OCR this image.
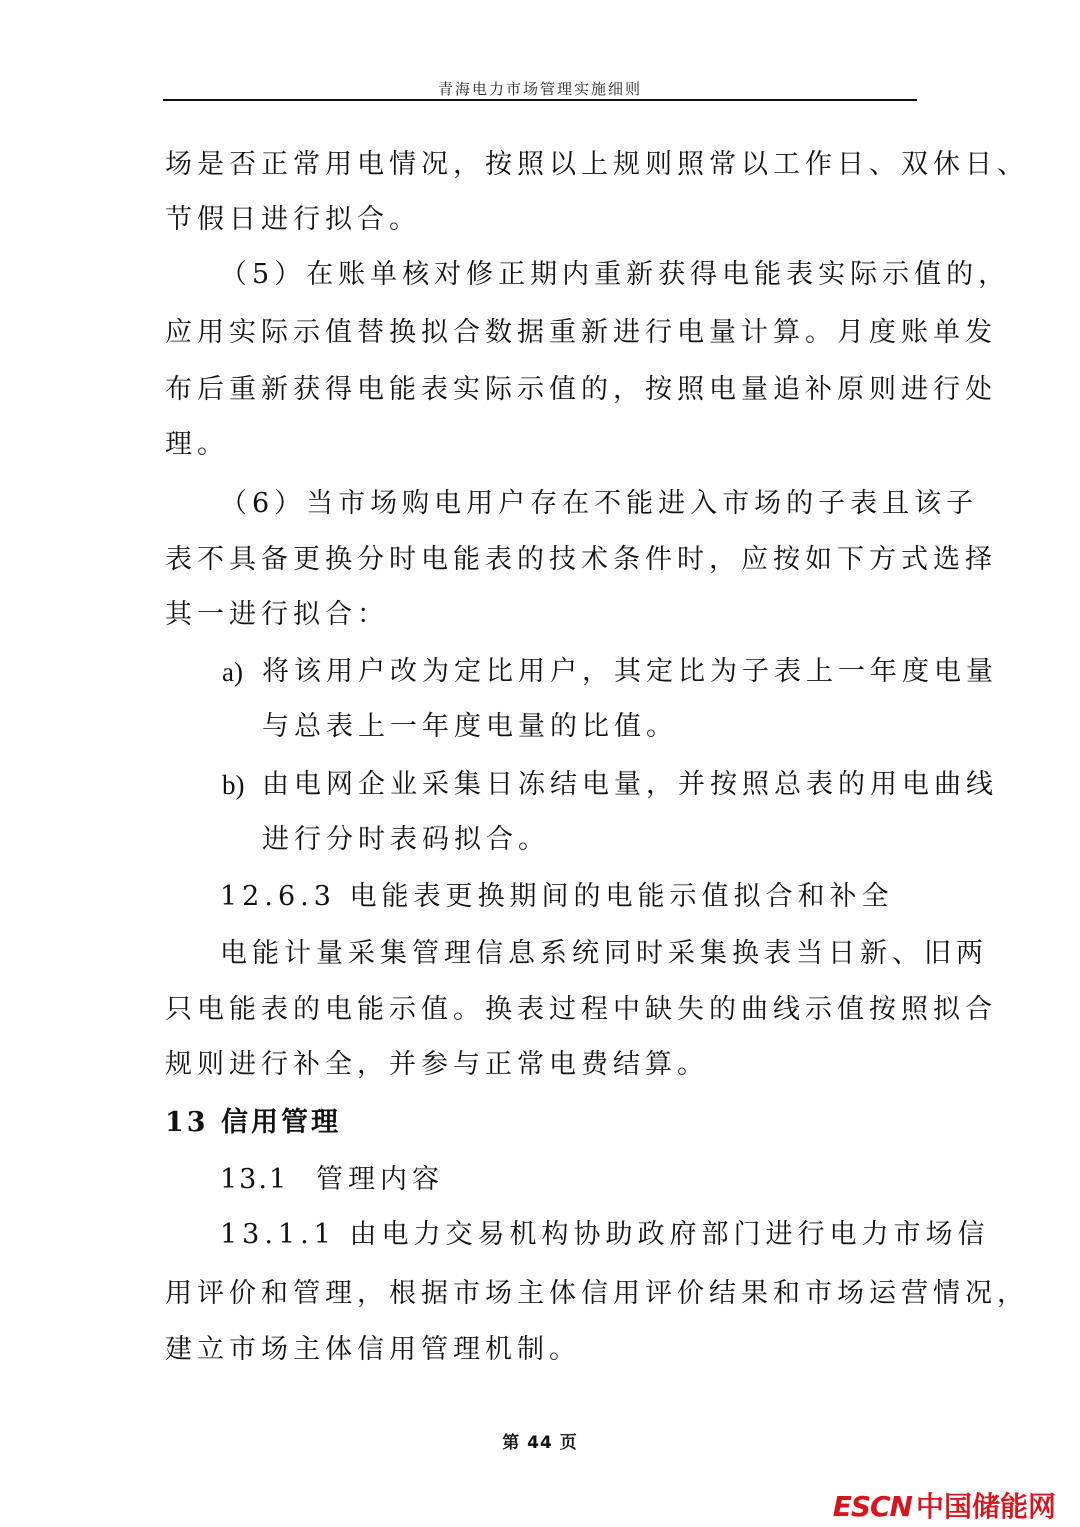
青海电力市场管理实施细则
场是否正常用电情况，按照以上规则照常以工作日、双休日、
节假日进行拟合。
（5）在账单核对修正期内重新获得电能表实际示值的，
应用实际示值替换拟合数据重新进行电量计算。月度账单发
布后重新获得电能表实际示值的，按照电量追补原则进行处
理。
（6）当市场购电用户存在不能进入市场的子表且该子
表不具备更换分时电能表的技术条件时，应按如下方式选择
其一进行拟合：
a) 将该用户改为定比用户，其定比为子表上一年度电量
与总表上一年度电量的比值。
b) 由电网企业采集日冻结电量，并按照总表的用电曲线
进行分时表码拟合。
12.6.3 电能表更换期间的电能示值拟合和补全
电能计量采集管理信息系统同时采集换表当日新、旧两
只电能表的电能示值。换表过程中缺失的曲线示值按照拟合
规则进行补全，并参与正常电费结算。
13 信用管理
13.1 管理内容
13.1.1 由电力交易机构协助政府部门进行电力市场信
用评价和管理，根据市场主体信用评价结果和市场运营情况，
建立市场主体信用管理机制。
第 44 页
ESCN 中国储能网
